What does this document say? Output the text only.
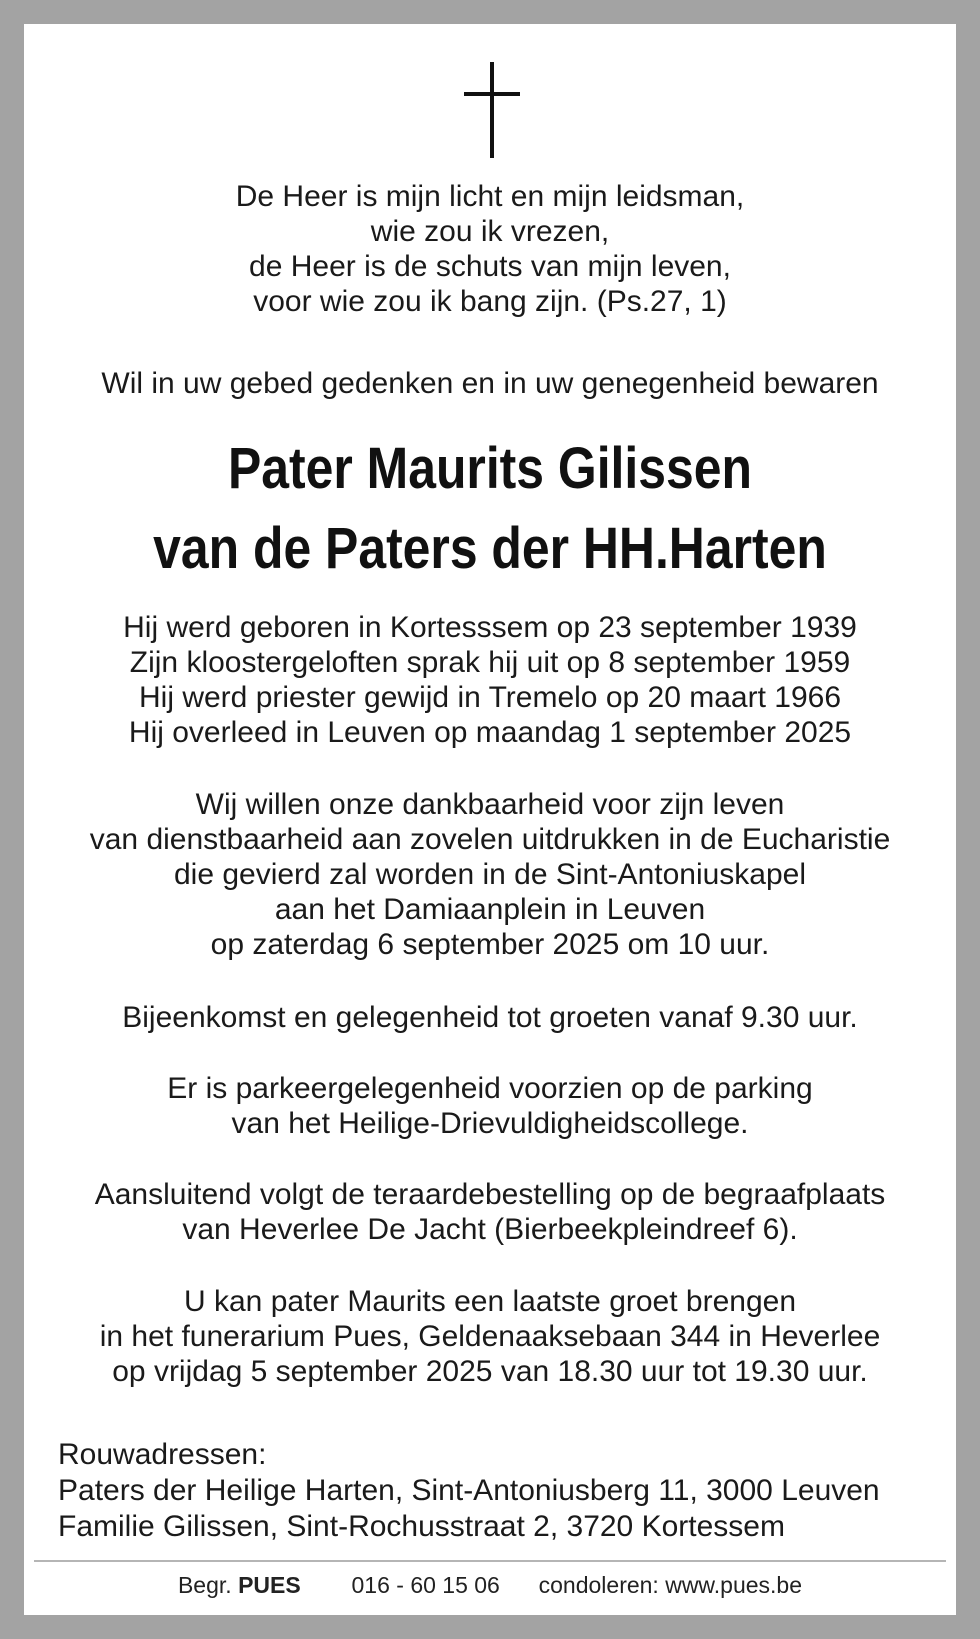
De Heer is mijn licht en mijn leidsman,
wie zou ik vrezen,
de Heer is de schuts van mijn leven,
voor wie zou ik bang zijn. (Ps.27, 1)
Wil in uw gebed gedenken en in uw genegenheid bewaren
Pater Maurits Gilissen
van de Paters der HH.Harten
Hij werd geboren in Kortesssem op 23 september 1939
Zijn kloostergeloften sprak hij uit op 8 september 1959
Hij werd priester gewijd in Tremelo op 20 maart 1966
Hij overleed in Leuven op maandag 1 september 2025
Wij willen onze dankbaarheid voor zijn leven
van dienstbaarheid aan zovelen uitdrukken in de Eucharistie
die gevierd zal worden in de Sint-Antoniuskapel
aan het Damiaanplein in Leuven
op zaterdag 6 september 2025 om 10 uur.
Bijeenkomst en gelegenheid tot groeten vanaf 9.30 uur.
Er is parkeergelegenheid voorzien op de parking
van het Heilige-Drievuldigheidscollege.
Aansluitend volgt de teraardebestelling op de begraafplaats
van Heverlee De Jacht (Bierbeekpleindreef 6).
U kan pater Maurits een laatste groet brengen
in het funerarium Pues, Geldenaaksebaan 344 in Heverlee
op vrijdag 5 september 2025 van 18.30 uur tot 19.30 uur.
Rouwadressen:
Paters der Heilige Harten, Sint-Antoniusberg 11, 3000 Leuven
Familie Gilissen, Sint-Rochusstraat 2, 3720 Kortessem
Begr. PUES 016 - 60 15 06 condoleren: www.pues.be
